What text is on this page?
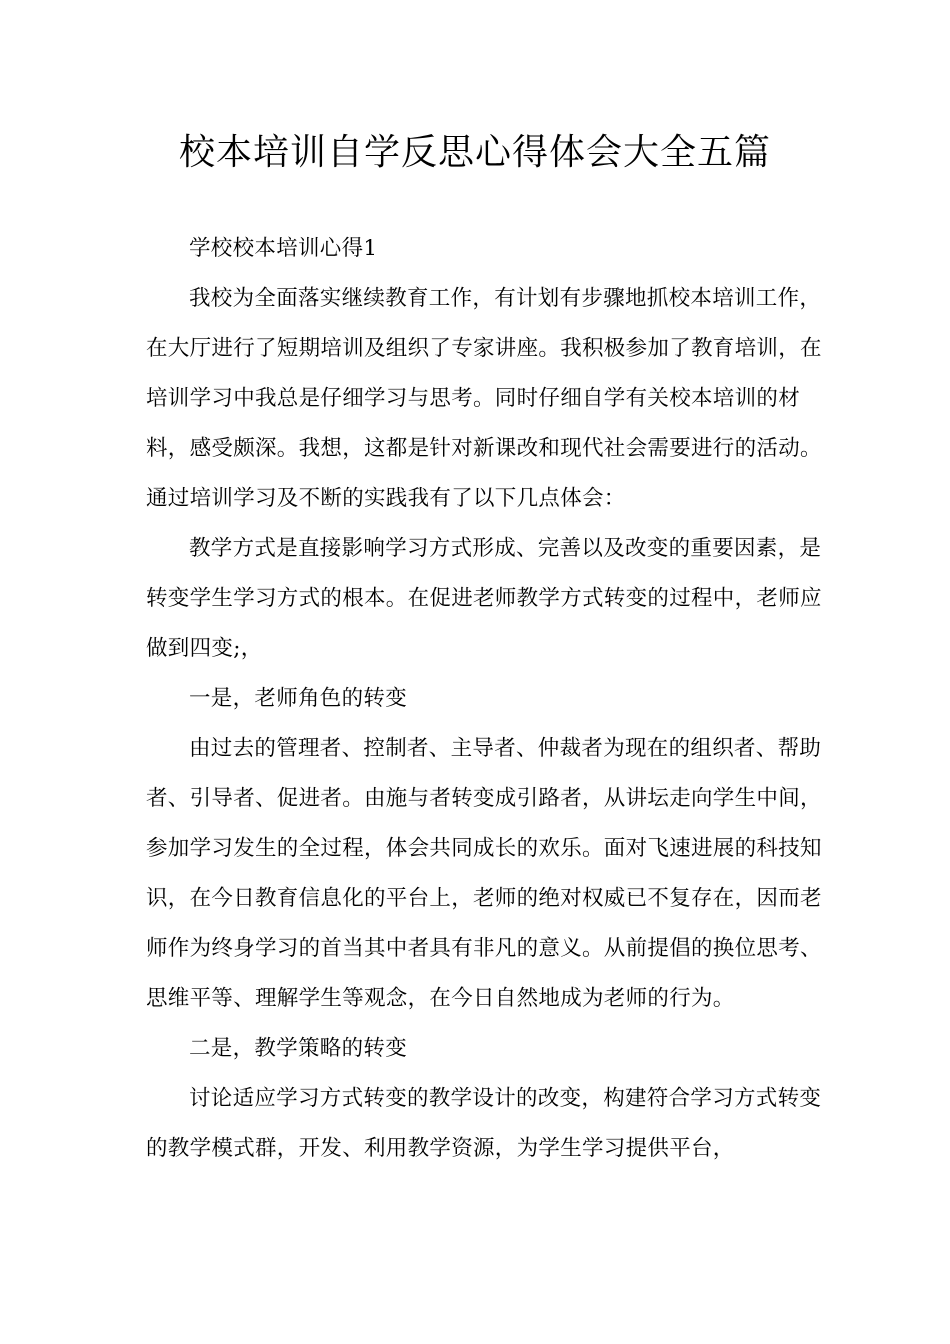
校本培训自学反思心得体会大全五篇

学校校本培训心得1

我校为全面落实继续教育工作，有计划有步骤地抓校本培训工作，在大厅进行了短期培训及组织了专家讲座。我积极参加了教育培训，在培训学习中我总是仔细学习与思考。同时仔细自学有关校本培训的材料，感受颇深。我想，这都是针对新课改和现代社会需要进行的活动。通过培训学习及不断的实践我有了以下几点体会：

教学方式是直接影响学习方式形成、完善以及改变的重要因素，是转变学生学习方式的根本。在促进老师教学方式转变的过程中，老师应做到四变;，

一是，老师角色的转变

由过去的管理者、控制者、主导者、仲裁者为现在的组织者、帮助者、引导者、促进者。由施与者转变成引路者，从讲坛走向学生中间，参加学习发生的全过程，体会共同成长的欢乐。面对飞速进展的科技知识，在今日教育信息化的平台上，老师的绝对权威已不复存在，因而老师作为终身学习的首当其中者具有非凡的意义。从前提倡的换位思考、思维平等、理解学生等观念，在今日自然地成为老师的行为。

二是，教学策略的转变

讨论适应学习方式转变的教学设计的改变，构建符合学习方式转变的教学模式群，开发、利用教学资源，为学生学习提供平台，
